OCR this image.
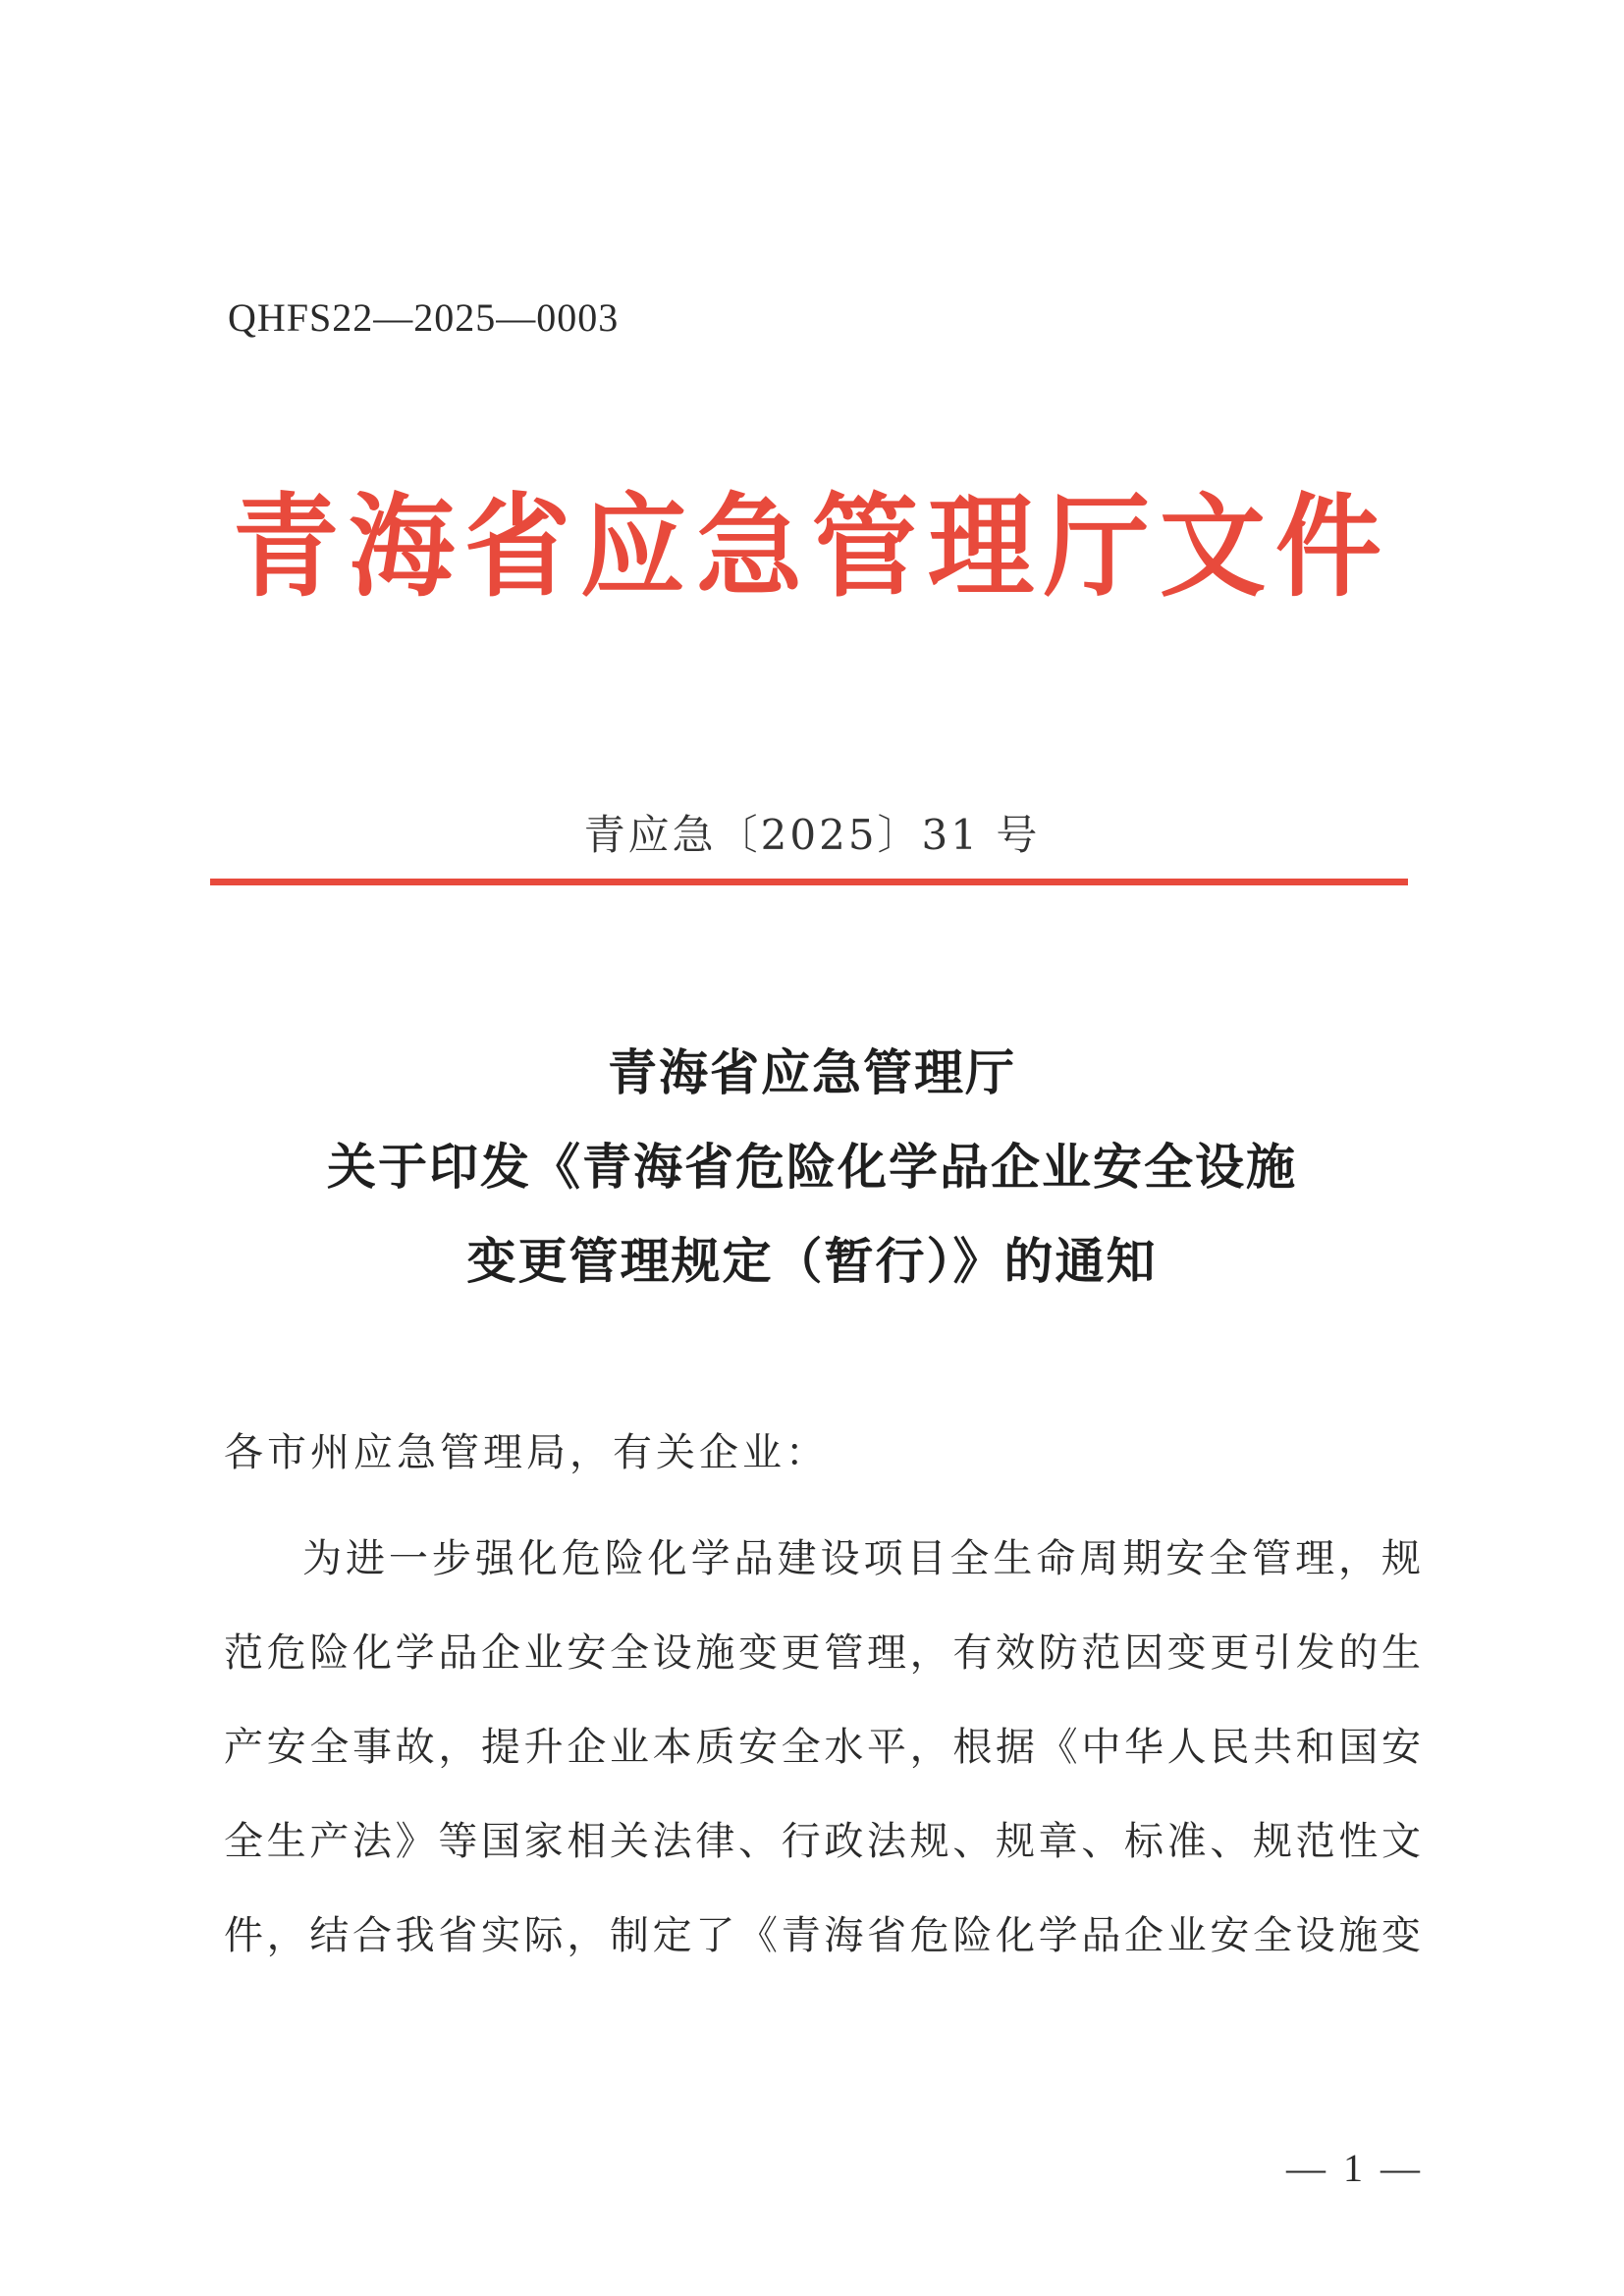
QHFS22—2025—0003
青海省应急管理厅文件
青应急〔2025〕31 号
青海省应急管理厅
关于印发《青海省危险化学品企业安全设施
变更管理规定（暂行）》的通知
各市州应急管理局，有关企业：
为进一步强化危险化学品建设项目全生命周期安全管理，规
范危险化学品企业安全设施变更管理，有效防范因变更引发的生
产安全事故，提升企业本质安全水平，根据《中华人民共和国安
全生产法》等国家相关法律、行政法规、规章、标准、规范性文
件，结合我省实际，制定了《青海省危险化学品企业安全设施变
— 1 —
